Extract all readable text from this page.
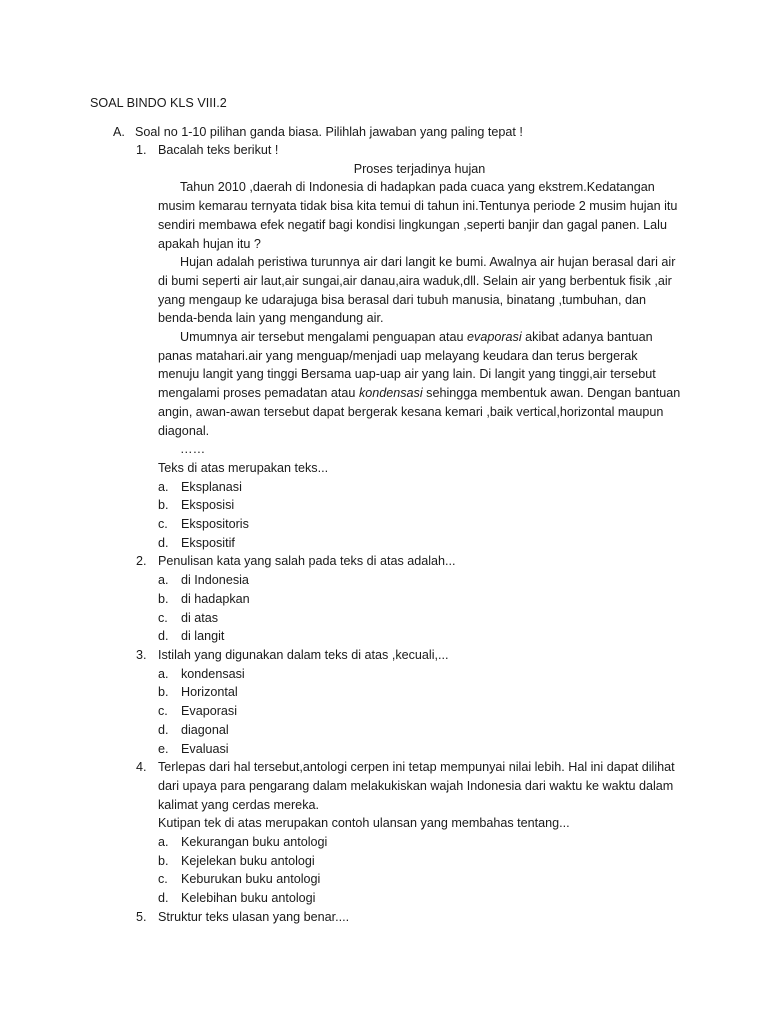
SOAL BINDO KLS VIII.2
A. Soal no 1-10 pilihan ganda biasa. Pilihlah jawaban yang paling tepat !
1. Bacalah teks berikut !
Proses terjadinya hujan
Tahun 2010 ,daerah di Indonesia di hadapkan pada cuaca yang ekstrem.Kedatangan musim kemarau ternyata tidak bisa kita temui di tahun ini.Tentunya periode 2 musim hujan itu sendiri membawa efek negatif bagi kondisi lingkungan ,seperti banjir dan gagal panen. Lalu apakah hujan itu ?
Hujan adalah peristiwa turunnya air dari langit ke bumi. Awalnya air hujan berasal dari air di bumi seperti air laut,air sungai,air danau,aira waduk,dll. Selain air yang berbentuk fisik ,air yang mengaup ke udarajuga bisa berasal dari tubuh manusia, binatang ,tumbuhan, dan benda-benda lain yang mengandung air.
Umumnya air tersebut mengalami penguapan atau evaporasi akibat adanya bantuan panas matahari.air yang menguap/menjadi uap melayang keudara dan terus bergerak menuju langit yang tinggi Bersama uap-uap air yang lain. Di langit yang tinggi,air tersebut mengalami proses pemadatan atau kondensasi sehingga membentuk awan. Dengan bantuan angin, awan-awan tersebut dapat bergerak kesana kemari ,baik vertical,horizontal maupun diagonal.
……
Teks di atas merupakan teks...
a. Eksplanasi
b. Eksposisi
c. Ekspositoris
d. Ekspositif
2. Penulisan kata yang salah pada teks di atas adalah...
a. di Indonesia
b. di hadapkan
c. di atas
d. di langit
3. Istilah yang digunakan dalam teks di atas ,kecuali,...
a. kondensasi
b. Horizontal
c. Evaporasi
d. diagonal
e. Evaluasi
4. Terlepas dari hal tersebut,antologi cerpen ini tetap mempunyai nilai lebih. Hal ini dapat dilihat dari upaya para pengarang dalam melakukiskan wajah Indonesia dari waktu ke waktu dalam kalimat yang cerdas mereka.
Kutipan tek di atas merupakan contoh ulansan yang membahas tentang...
a. Kekurangan buku antologi
b. Kejelekan buku antologi
c. Keburukan buku antologi
d. Kelebihan buku antologi
5. Struktur teks ulasan yang benar....
